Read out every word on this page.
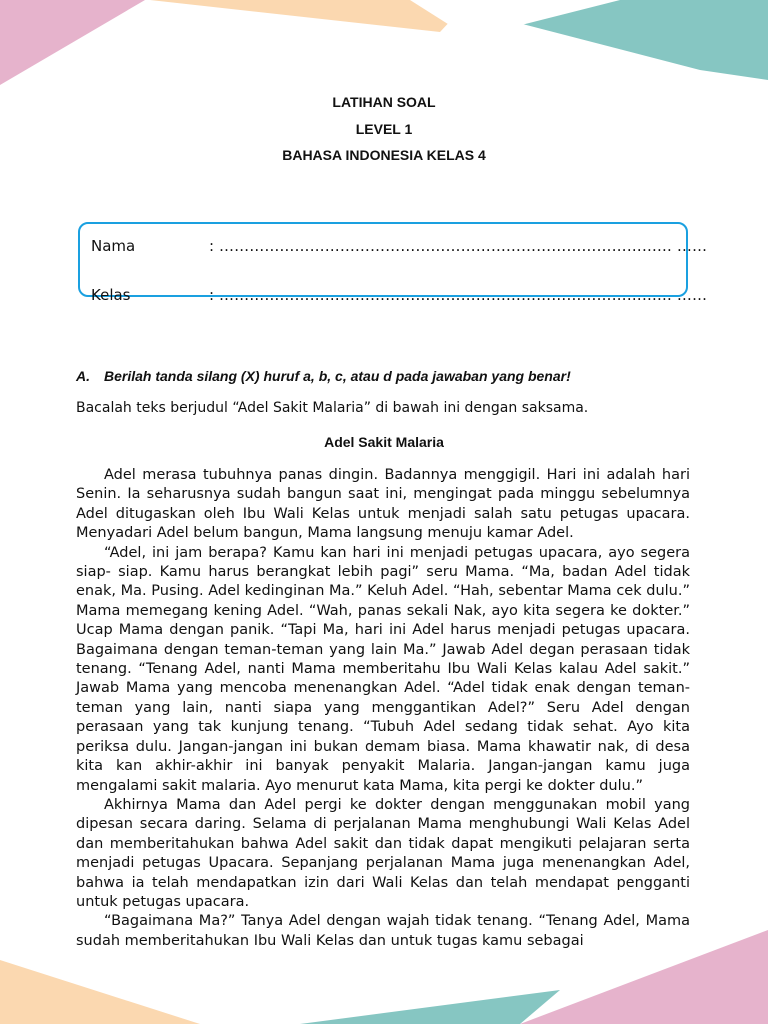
LATIHAN SOAL
LEVEL 1
BAHASA INDONESIA KELAS 4
Nama	: ……………………………………………………………………………… ……
Kelas	: ……………………………………………………………………………… ……
A. Berilah tanda silang (X) huruf a, b, c, atau d pada jawaban yang benar!
Bacalah teks berjudul “Adel Sakit Malaria” di bawah ini dengan saksama.
Adel Sakit Malaria

Adel merasa tubuhnya panas dingin. Badannya menggigil. Hari ini adalah hari Senin. Ia seharusnya sudah bangun saat ini, mengingat pada minggu sebelumnya Adel ditugaskan oleh Ibu Wali Kelas untuk menjadi salah satu petugas upacara. Menyadari Adel belum bangun, Mama langsung menuju kamar Adel.

“Adel, ini jam berapa? Kamu kan hari ini menjadi petugas upacara, ayo segera siap- siap. Kamu harus berangkat lebih pagi” seru Mama. “Ma, badan Adel tidak enak, Ma. Pusing. Adel kedinginan Ma.” Keluh Adel. “Hah, sebentar Mama cek dulu.” Mama memegang kening Adel. “Wah, panas sekali Nak, ayo kita segera ke dokter.” Ucap Mama dengan panik. “Tapi Ma, hari ini Adel harus menjadi petugas upacara. Bagaimana dengan teman-teman yang lain Ma.” Jawab Adel degan perasaan tidak tenang. “Tenang Adel, nanti Mama memberitahu Ibu Wali Kelas kalau Adel sakit.” Jawab Mama yang mencoba menenangkan Adel. “Adel tidak enak dengan teman-teman yang lain, nanti siapa yang menggantikan Adel?” Seru Adel dengan perasaan yang tak kunjung tenang. “Tubuh Adel sedang tidak sehat. Ayo kita periksa dulu. Jangan-jangan ini bukan demam biasa. Mama khawatir nak, di desa kita kan akhir-akhir ini banyak penyakit Malaria. Jangan-jangan kamu juga mengalami sakit malaria. Ayo menurut kata Mama, kita pergi ke dokter dulu.”

Akhirnya Mama dan Adel pergi ke dokter dengan menggunakan mobil yang dipesan secara daring. Selama di perjalanan Mama menghubungi Wali Kelas Adel dan memberitahukan bahwa Adel sakit dan tidak dapat mengikuti pelajaran serta menjadi petugas Upacara. Sepanjang perjalanan Mama juga menenangkan Adel, bahwa ia telah mendapatkan izin dari Wali Kelas dan telah mendapat pengganti untuk petugas upacara.

“Bagaimana Ma?” Tanya Adel dengan wajah tidak tenang. “Tenang Adel, Mama sudah memberitahukan Ibu Wali Kelas dan untuk tugas kamu sebagai
